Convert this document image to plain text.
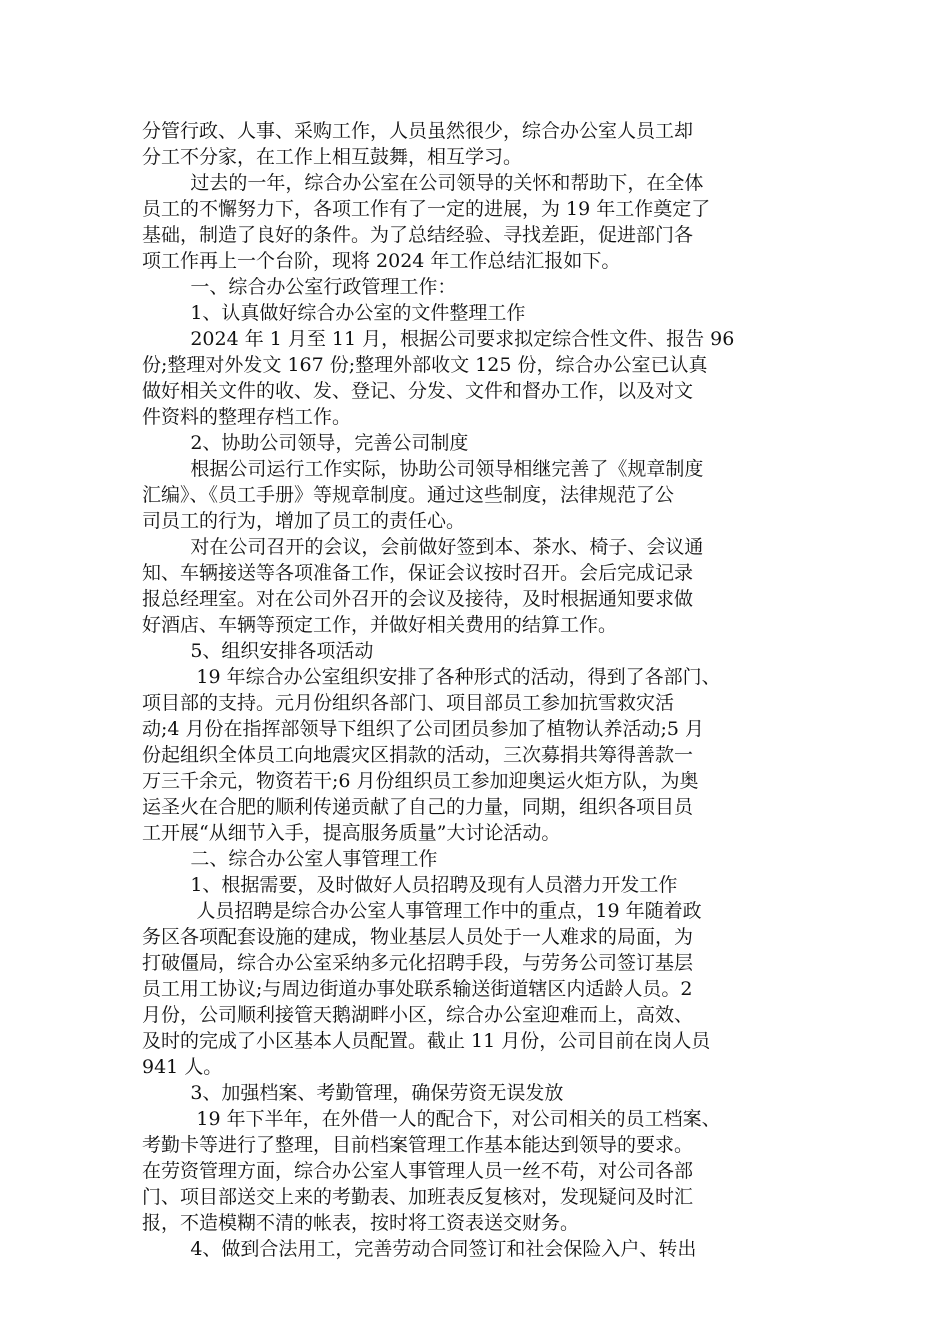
分管行政、人事、采购工作，人员虽然很少，综合办公室人员工却
分工不分家，在工作上相互鼓舞，相互学习。
过去的一年，综合办公室在公司领导的关怀和帮助下，在全体
员工的不懈努力下，各项工作有了一定的进展，为 19 年工作奠定了
基础，制造了良好的条件。为了总结经验、寻找差距，促进部门各
项工作再上一个台阶，现将 2024 年工作总结汇报如下。
一、综合办公室行政管理工作：
1、认真做好综合办公室的文件整理工作
2024 年 1 月至 11 月，根据公司要求拟定综合性文件、报告 96
份;整理对外发文 167 份;整理外部收文 125 份，综合办公室已认真
做好相关文件的收、发、登记、分发、文件和督办工作，以及对文
件资料的整理存档工作。
2、协助公司领导，完善公司制度
根据公司运行工作实际，协助公司领导相继完善了《规章制度
汇编》、《员工手册》等规章制度。通过这些制度，法律规范了公
司员工的行为，增加了员工的责任心。
对在公司召开的会议，会前做好签到本、茶水、椅子、会议通
知、车辆接送等各项准备工作，保证会议按时召开。会后完成记录
报总经理室。对在公司外召开的会议及接待，及时根据通知要求做
好酒店、车辆等预定工作，并做好相关费用的结算工作。
5、组织安排各项活动
19 年综合办公室组织安排了各种形式的活动，得到了各部门、
项目部的支持。元月份组织各部门、项目部员工参加抗雪救灾活
动;4 月份在指挥部领导下组织了公司团员参加了植物认养活动;5 月
份起组织全体员工向地震灾区捐款的活动，三次募捐共筹得善款一
万三千余元，物资若干;6 月份组织员工参加迎奥运火炬方队，为奥
运圣火在合肥的顺利传递贡献了自己的力量，同期，组织各项目员
工开展“从细节入手，提高服务质量”大讨论活动。
二、综合办公室人事管理工作
1、根据需要，及时做好人员招聘及现有人员潜力开发工作
人员招聘是综合办公室人事管理工作中的重点，19 年随着政
务区各项配套设施的建成，物业基层人员处于一人难求的局面，为
打破僵局，综合办公室采纳多元化招聘手段，与劳务公司签订基层
员工用工协议;与周边街道办事处联系输送街道辖区内适龄人员。2
月份，公司顺利接管天鹅湖畔小区，综合办公室迎难而上，高效、
及时的完成了小区基本人员配置。截止 11 月份，公司目前在岗人员
941 人。
3、加强档案、考勤管理，确保劳资无误发放
19 年下半年，在外借一人的配合下，对公司相关的员工档案、
考勤卡等进行了整理，目前档案管理工作基本能达到领导的要求。
在劳资管理方面，综合办公室人事管理人员一丝不苟，对公司各部
门、项目部送交上来的考勤表、加班表反复核对，发现疑问及时汇
报，不造模糊不清的帐表，按时将工资表送交财务。
4、做到合法用工，完善劳动合同签订和社会保险入户、转出
